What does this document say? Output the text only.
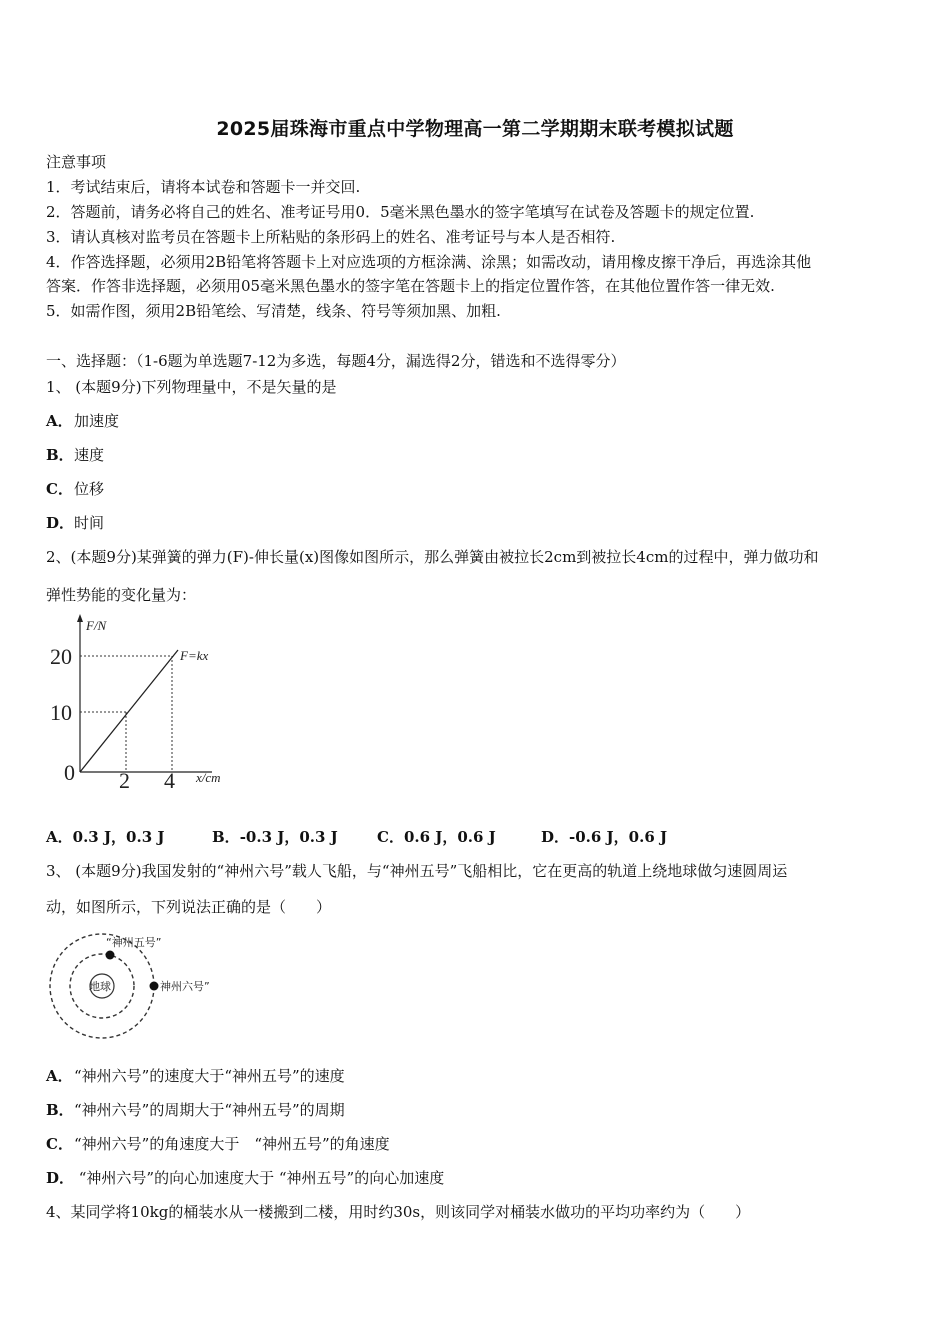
2025届珠海市重点中学物理高一第二学期期末联考模拟试题
注意事项
1．考试结束后，请将本试卷和答题卡一并交回.
2．答题前，请务必将自己的姓名、准考证号用0．5毫米黑色墨水的签字笔填写在试卷及答题卡的规定位置.
3．请认真核对监考员在答题卡上所粘贴的条形码上的姓名、准考证号与本人是否相符.
4．作答选择题，必须用2B铅笔将答题卡上对应选项的方框涂满、涂黑；如需改动，请用橡皮擦干净后，再选涂其他
答案．作答非选择题，必须用05毫米黑色墨水的签字笔在答题卡上的指定位置作答，在其他位置作答一律无效.
5．如需作图，须用2B铅笔绘、写清楚，线条、符号等须加黑、加粗.
一、选择题：（1-6题为单选题7-12为多选，每题4分，漏选得2分，错选和不选得零分）
1、 (本题9分)下列物理量中，不是矢量的是
A．加速度
B．速度
C．位移
D．时间
2、(本题9分)某弹簧的弹力(F)-伸长量(x)图像如图所示，那么弹簧由被拉长2cm到被拉长4cm的过程中，弹力做功和
弹性势能的变化量为：
F/N
F=kx
20
10
0 2 4 x/cm
A．0.3 J，0.3 J	B．-0.3 J，0.3 J	C．0.6 J，0.6 J	D．-0.6 J，0.6 J
3、 (本题9分)我国发射的“神州六号”载人飞船，与“神州五号”飞船相比，它在更高的轨道上绕地球做匀速圆周运
动，如图所示，下列说法正确的是（　　）
地球
“神州五号”
神州六号”
A．“神州六号”的速度大于“神州五号”的速度
B．“神州六号”的周期大于“神州五号”的周期
C．“神州六号”的角速度大于　“神州五号”的角速度
D． “神州六号”的向心加速度大于 “神州五号”的向心加速度
4、某同学将10kg的桶装水从一楼搬到二楼，用时约30s，则该同学对桶装水做功的平均功率约为（　　）
